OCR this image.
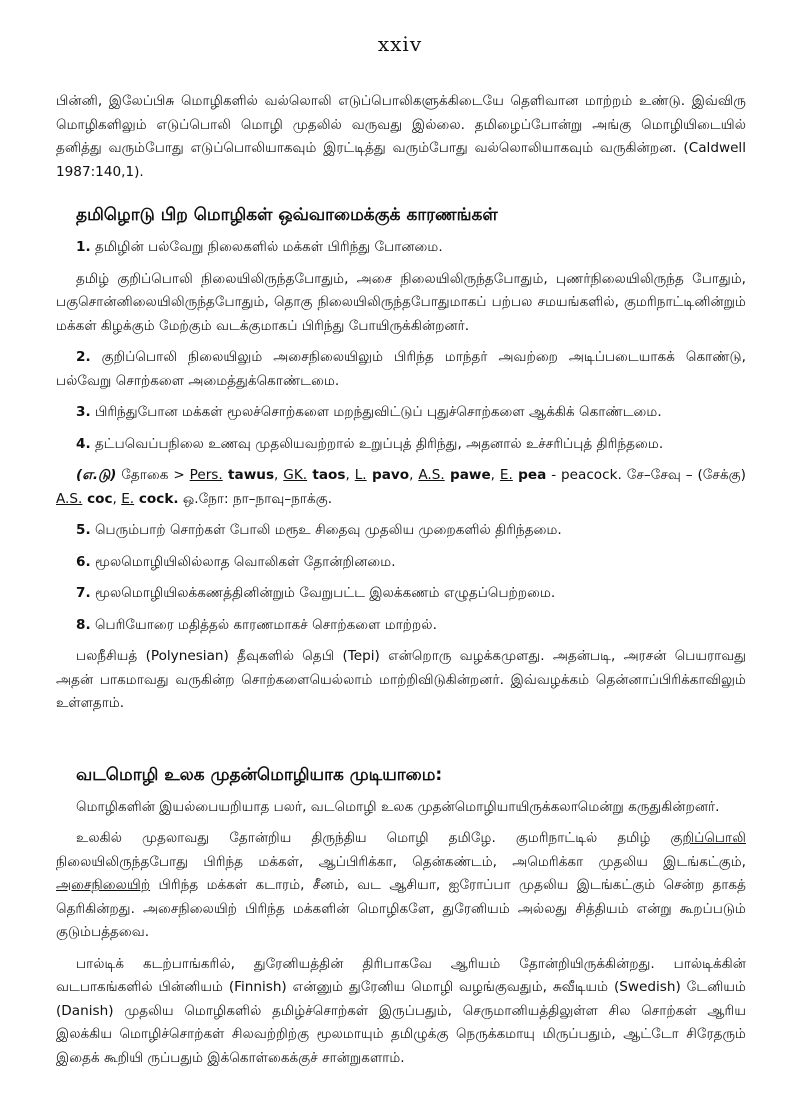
xxiv

பின்னி, இலேப்பிசு மொழிகளில் வல்லொலி எடுப்பொலிகளுக்கிடையே தெளிவான மாற்றம் உண்டு. இவ்விரு மொழிகளிலும் எடுப்பொலி மொழி முதலில் வருவது இல்லை. தமிழைப்போன்று அங்கு மொழியிடையில் தனித்து வரும்போது எடுப்பொலியாகவும் இரட்டித்து வரும்போது வல்லொலியாகவும் வருகின்றன. (Caldwell 1987:140,1).

தமிழொடு பிற மொழிகள் ஒவ்வாமைக்குக் காரணங்கள்

1. தமிழின் பல்வேறு நிலைகளில் மக்கள் பிரிந்து போனமை.

தமிழ் குறிப்பொலி நிலையிலிருந்தபோதும், அசை நிலையிலிருந்தபோதும், புணர்நிலையிலிருந்த போதும், பகுசொன்னிலையிலிருந்தபோதும், தொகு நிலையிலிருந்தபோதுமாகப் பற்பல சமயங்களில், குமரிநாட்டினின்றும் மக்கள் கிழக்கும் மேற்கும் வடக்குமாகப் பிரிந்து போயிருக்கின்றனர்.

2. குறிப்பொலி நிலையிலும் அசைநிலையிலும் பிரிந்த மாந்தர் அவற்றை அடிப்படையாகக் கொண்டு, பல்வேறு சொற்களை அமைத்துக்கொண்டமை.

3. பிரிந்துபோன மக்கள் மூலச்சொற்களை மறந்துவிட்டுப் புதுச்சொற்களை ஆக்கிக் கொண்டமை.

4. தட்பவெப்பநிலை உணவு முதலியவற்றால் உறுப்புத் திரிந்து, அதனால் உச்சரிப்புத் திரிந்தமை.

(எ.டு) தோகை > Pers. tawus, GK. taos, L. pavo, A.S. pawe, E. pea - peacock. சே–சேவு – (சேக்கு) A.S. coc, E. cock. ஒ.நோ: நா–நாவு–நாக்கு.

5. பெரும்பாற் சொற்கள் போலி மரூஉ சிதைவு முதலிய முறைகளில் திரிந்தமை.

6. மூலமொழியிலில்லாத வொலிகள் தோன்றினமை.

7. மூலமொழியிலக்கணத்தினின்றும் வேறுபட்ட இலக்கணம் எழுதப்பெற்றமை.

8. பெரியோரை மதித்தல் காரணமாகச் சொற்களை மாற்றல்.

பலநீசியத் (Polynesian) தீவுகளில் தெபி (Tepi) என்றொரு வழக்கமுளது. அதன்படி, அரசன் பெயராவது அதன் பாகமாவது வருகின்ற சொற்களையெல்லாம் மாற்றிவிடுகின்றனர். இவ்வழக்கம் தென்னாப்பிரிக்காவிலும் உள்ளதாம்.

வடமொழி உலக முதன்மொழியாக முடியாமை:

மொழிகளின் இயல்பையறியாத பலர், வடமொழி உலக முதன்மொழியாயிருக்கலாமென்று கருதுகின்றனர்.

உலகில் முதலாவது தோன்றிய திருந்திய மொழி தமிழே. குமரிநாட்டில் தமிழ் குறிப்பொலி நிலையிலிருந்தபோது பிரிந்த மக்கள், ஆப்பிரிக்கா, தென்கண்டம், அமெரிக்கா முதலிய இடங்கட்கும், அசைநிலையிற் பிரிந்த மக்கள் கடாரம், சீனம், வட ஆசியா, ஐரோப்பா முதலிய இடங்கட்கும் சென்ற தாகத் தெரிகின்றது. அசைநிலையிற் பிரிந்த மக்களின் மொழிகளே, துரேனியம் அல்லது சித்தியம் என்று கூறப்படும் குடும்பத்தவை.

பால்டிக் கடற்பாங்கரில், துரேனியத்தின் திரிபாகவே ஆரியம் தோன்றியிருக்கின்றது. பால்டிக்கின் வடபாகங்களில் பின்னியம் (Finnish) என்னும் துரேனிய மொழி வழங்குவதும், சுவீடியம் (Swedish) டேனியம் (Danish) முதலிய மொழிகளில் தமிழ்ச்சொற்கள் இருப்பதும், செருமானியத்திலுள்ள சில சொற்கள் ஆரிய இலக்கிய மொழிச்சொற்கள் சிலவற்றிற்கு மூலமாயும் தமிழுக்கு நெருக்கமாயு மிருப்பதும், ஆட்டோ சிரேதரும் இதைக் கூறியி ருப்பதும் இக்கொள்கைக்குச் சான்றுகளாம்.
